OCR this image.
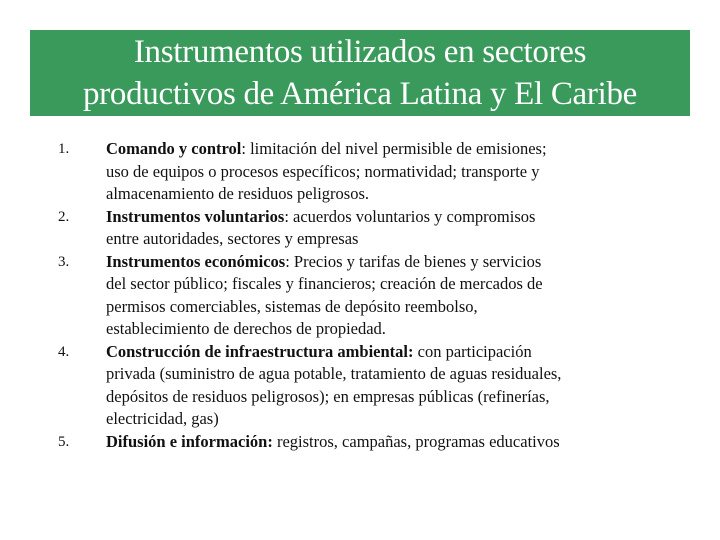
Instrumentos utilizados en sectores
productivos de América Latina y El Caribe
1.	Comando y control: limitación del nivel permisible de emisiones;
uso de equipos o procesos específicos; normatividad; transporte y
almacenamiento de residuos peligrosos.
2.	Instrumentos voluntarios: acuerdos voluntarios y compromisos
entre autoridades, sectores y empresas
3.	Instrumentos económicos: Precios y tarifas de bienes y servicios
del sector público; fiscales y financieros; creación de mercados de
permisos comerciables, sistemas de depósito reembolso,
establecimiento de derechos de propiedad.
4.	Construcción de infraestructura ambiental: con participación
privada (suministro de agua potable, tratamiento de aguas residuales,
depósitos de residuos peligrosos); en empresas públicas (refinerías,
electricidad, gas)
5.	Difusión e información: registros, campañas, programas educativos
